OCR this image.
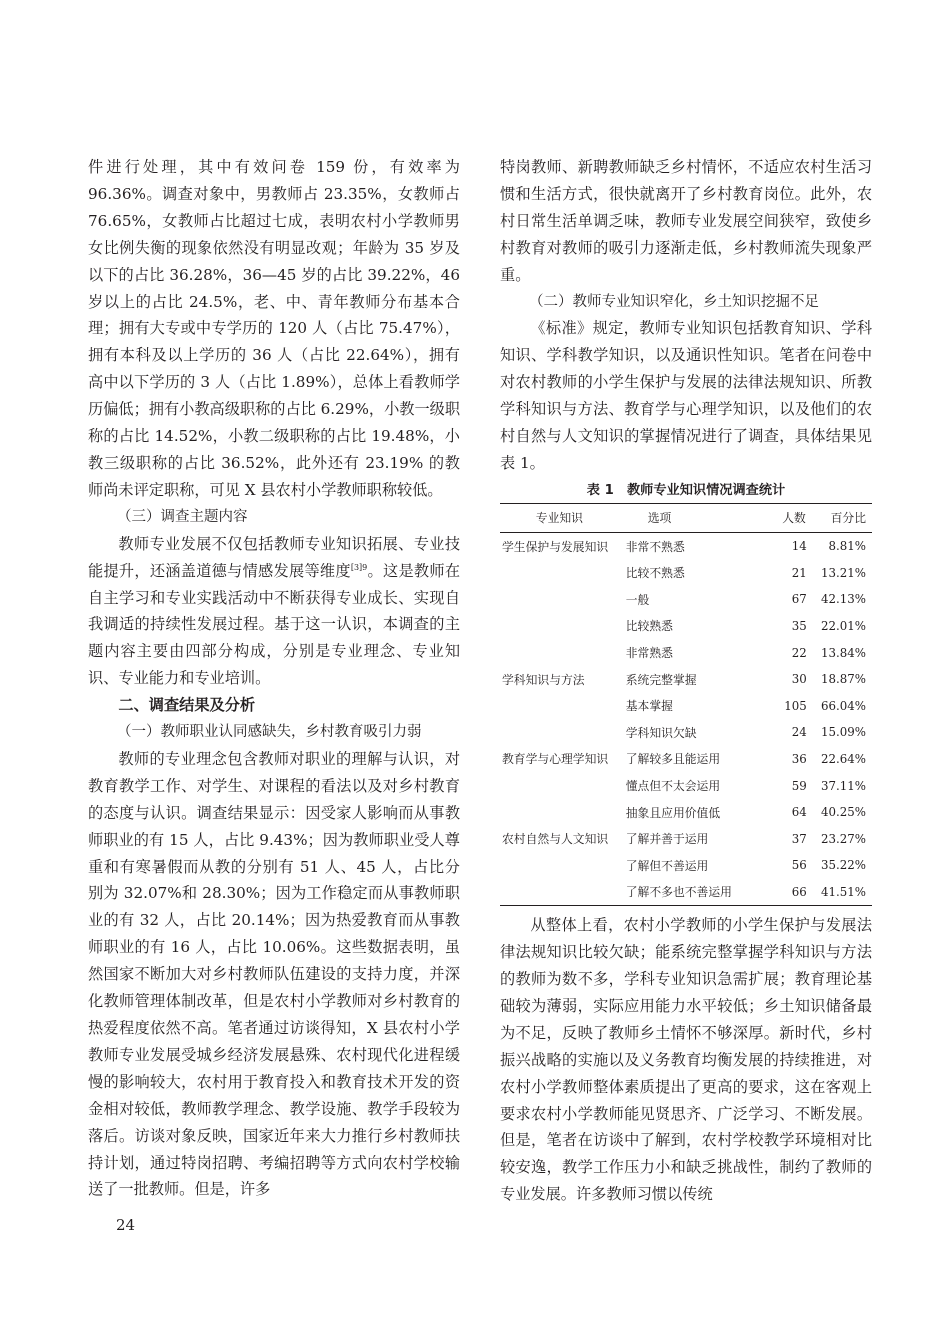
件进行处理，其中有效问卷 159 份，有效率为 96.36%。调查对象中，男教师占 23.35%，女教师占 76.65%，女教师占比超过七成，表明农村小学教师男女比例失衡的现象依然没有明显改观；年龄为 35 岁及以下的占比 36.28%，36—45 岁的占比 39.22%，46 岁以上的占比 24.5%，老、中、青年教师分布基本合理；拥有大专或中专学历的 120 人（占比 75.47%），拥有本科及以上学历的 36 人（占比 22.64%），拥有高中以下学历的 3 人（占比 1.89%），总体上看教师学历偏低；拥有小教高级职称的占比 6.29%，小教一级职称的占比 14.52%，小教二级职称的占比 19.48%，小教三级职称的占比 36.52%，此外还有 23.19% 的教师尚未评定职称，可见 X 县农村小学教师职称较低。

（三）调查主题内容

教师专业发展不仅包括教师专业知识拓展、专业技能提升，还涵盖道德与情感发展等维度$^{[3]9}$。这是教师在自主学习和专业实践活动中不断获得专业成长、实现自我调适的持续性发展过程。基于这一认识，本调查的主题内容主要由四部分构成，分别是专业理念、专业知识、专业能力和专业培训。

二、调查结果及分析

（一）教师职业认同感缺失，乡村教育吸引力弱

教师的专业理念包含教师对职业的理解与认识，对教育教学工作、对学生、对课程的看法以及对乡村教育的态度与认识。调查结果显示：因受家人影响而从事教师职业的有 15 人，占比 9.43%；因为教师职业受人尊重和有寒暑假而从教的分别有 51 人、45 人，占比分别为 32.07%和 28.30%；因为工作稳定而从事教师职业的有 32 人，占比 20.14%；因为热爱教育而从事教师职业的有 16 人，占比 10.06%。这些数据表明，虽然国家不断加大对乡村教师队伍建设的支持力度，并深化教师管理体制改革，但是农村小学教师对乡村教育的热爱程度依然不高。笔者通过访谈得知，X 县农村小学教师专业发展受城乡经济发展悬殊、农村现代化进程缓慢的影响较大，农村用于教育投入和教育技术开发的资金相对较低，教师教学理念、教学设施、教学手段较为落后。访谈对象反映，国家近年来大力推行乡村教师扶持计划，通过特岗招聘、考编招聘等方式向农村学校输送了一批教师。但是，许多

特岗教师、新聘教师缺乏乡村情怀，不适应农村生活习惯和生活方式，很快就离开了乡村教育岗位。此外，农村日常生活单调乏味，教师专业发展空间狭窄，致使乡村教育对教师的吸引力逐渐走低，乡村教师流失现象严重。

（二）教师专业知识窄化，乡土知识挖掘不足

《标准》规定，教师专业知识包括教育知识、学科知识、学科教学知识，以及通识性知识。笔者在问卷中对农村教师的小学生保护与发展的法律法规知识、所教学科知识与方法、教育学与心理学知识，以及他们的农村自然与人文知识的掌握情况进行了调查，具体结果见表 1。

表 1　教师专业知识情况调查统计
专业知识	选项	人数	百分比
学生保护与发展知识	非常不熟悉	14	8.81%
	比较不熟悉	21	13.21%
	一般	67	42.13%
	比较熟悉	35	22.01%
	非常熟悉	22	13.84%
学科知识与方法	系统完整掌握	30	18.87%
	基本掌握	105	66.04%
	学科知识欠缺	24	15.09%
教育学与心理学知识	了解较多且能运用	36	22.64%
	懂点但不太会运用	59	37.11%
	抽象且应用价值低	64	40.25%
农村自然与人文知识	了解并善于运用	37	23.27%
	了解但不善运用	56	35.22%
	了解不多也不善运用	66	41.51%

从整体上看，农村小学教师的小学生保护与发展法律法规知识比较欠缺；能系统完整掌握学科知识与方法的教师为数不多，学科专业知识急需扩展；教育理论基础较为薄弱，实际应用能力水平较低；乡土知识储备最为不足，反映了教师乡土情怀不够深厚。新时代，乡村振兴战略的实施以及义务教育均衡发展的持续推进，对农村小学教师整体素质提出了更高的要求，这在客观上要求农村小学教师能见贤思齐、广泛学习、不断发展。但是，笔者在访谈中了解到，农村学校教学环境相对比较安逸，教学工作压力小和缺乏挑战性，制约了教师的专业发展。许多教师习惯以传统

24
